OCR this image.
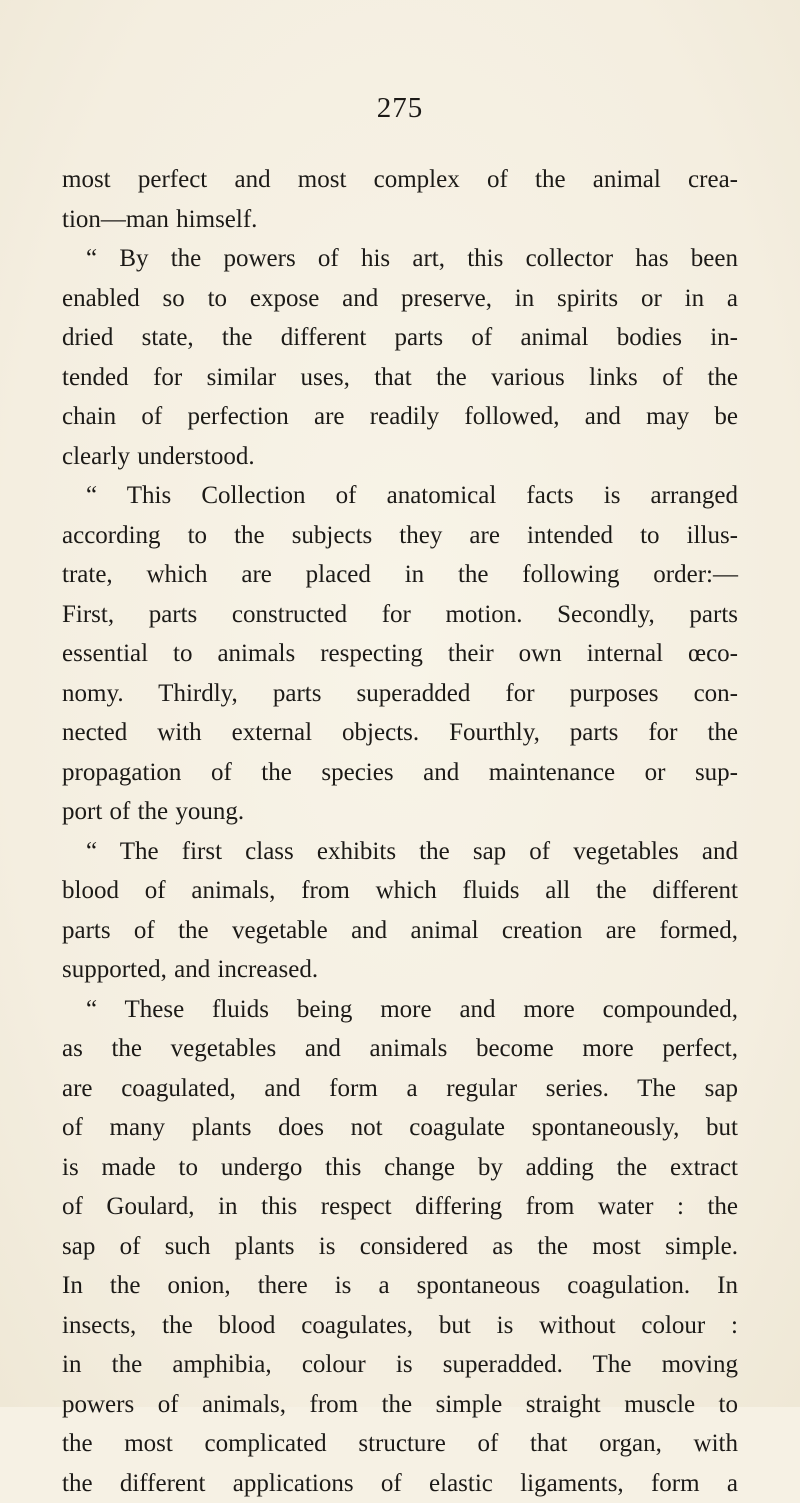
275
most perfect and most complex of the animal crea-
tion—man himself.
“ By the powers of his art, this collector has been
enabled so to expose and preserve, in spirits or in a
dried state, the different parts of animal bodies in-
tended for similar uses, that the various links of the
chain of perfection are readily followed, and may be
clearly understood.
“ This Collection of anatomical facts is arranged
according to the subjects they are intended to illus-
trate, which are placed in the following order:—
First, parts constructed for motion. Secondly, parts
essential to animals respecting their own internal œco-
nomy. Thirdly, parts superadded for purposes con-
nected with external objects. Fourthly, parts for the
propagation of the species and maintenance or sup-
port of the young.
“ The first class exhibits the sap of vegetables and
blood of animals, from which fluids all the different
parts of the vegetable and animal creation are formed,
supported, and increased.
“ These fluids being more and more compounded,
as the vegetables and animals become more perfect,
are coagulated, and form a regular series. The sap
of many plants does not coagulate spontaneously, but
is made to undergo this change by adding the extract
of Goulard, in this respect differing from water : the
sap of such plants is considered as the most simple.
In the onion, there is a spontaneous coagulation. In
insects, the blood coagulates, but is without colour :
in the amphibia, colour is superadded. The moving
powers of animals, from the simple straight muscle to
the most complicated structure of that organ, with
the different applications of elastic ligaments, form a
